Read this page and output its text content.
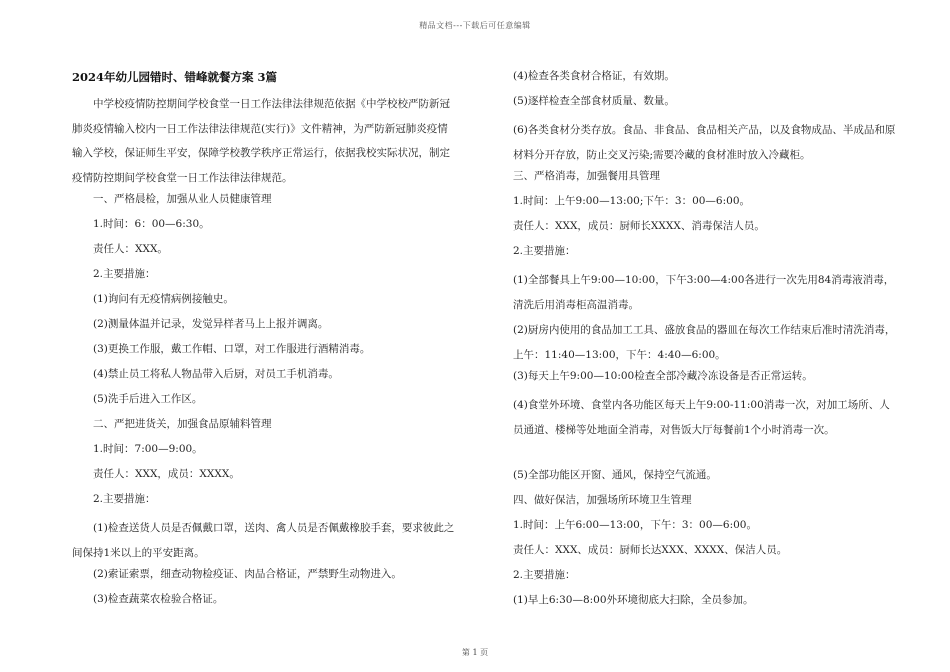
精品文档---下载后可任意编辑
2024年幼儿园错时、错峰就餐方案 3篇
中学校疫情防控期间学校食堂一日工作法律法律规范依据《中学校校严防新冠肺炎疫情输入校内一日工作法律法律规范(实行)》文件精神，为严防新冠肺炎疫情输入学校，保证师生平安，保障学校教学秩序正常运行，依据我校实际状况，制定疫情防控期间学校食堂一日工作法律法律规范。
一、严格晨检，加强从业人员健康管理
1.时间：6：00—6:30。
责任人：XXX。
2.主要措施：
(1)询问有无疫情病例接触史。
(2)测量体温并记录，发觉异样者马上上报并调离。
(3)更换工作服，戴工作帽、口罩，对工作服进行酒精消毒。
(4)禁止员工将私人物品带入后厨，对员工手机消毒。
(5)洗手后进入工作区。
二、严把进货关，加强食品原辅料管理
1.时间：7:00—9:00。
责任人：XXX，成员：XXXX。
2.主要措施：
(1)检查送货人员是否佩戴口罩，送肉、禽人员是否佩戴橡胶手套，要求彼此之间保持1米以上的平安距离。
(2)索证索票，细查动物检疫证、肉品合格证，严禁野生动物进入。
(3)检查蔬菜农检验合格证。
(4)检查各类食材合格证，有效期。
(5)逐样检查全部食材质量、数量。
(6)各类食材分类存放。食品、非食品、食品相关产品，以及食物成品、半成品和原材料分开存放，防止交叉污染;需要冷藏的食材准时放入冷藏柜。
三、严格消毒，加强餐用具管理
1.时间：上午9:00—13:00;下午：3：00—6:00。
责任人：XXX，成员：厨师长XXXX、消毒保洁人员。
2.主要措施：
(1)全部餐具上午9:00—10:00，下午3:00—4:00各进行一次先用84消毒液消毒，清洗后用消毒柜高温消毒。
(2)厨房内使用的食品加工工具、盛放食品的器皿在每次工作结束后准时清洗消毒，上午：11:40—13:00，下午：4:40—6:00。
(3)每天上午9:00—10:00检查全部冷藏冷冻设备是否正常运转。
(4)食堂外环境、食堂内各功能区每天上午9:00-11:00消毒一次，对加工场所、人员通道、楼梯等处地面全消毒，对售饭大厅每餐前1个小时消毒一次。
(5)全部功能区开窗、通风，保持空气流通。
四、做好保洁，加强场所环境卫生管理
1.时间：上午6:00—13:00，下午：3：00—6:00。
责任人：XXX、成员：厨师长达XXX、XXXX、保洁人员。
2.主要措施：
(1)早上6:30—8:00外环境彻底大扫除，全员参加。
第 1 页
